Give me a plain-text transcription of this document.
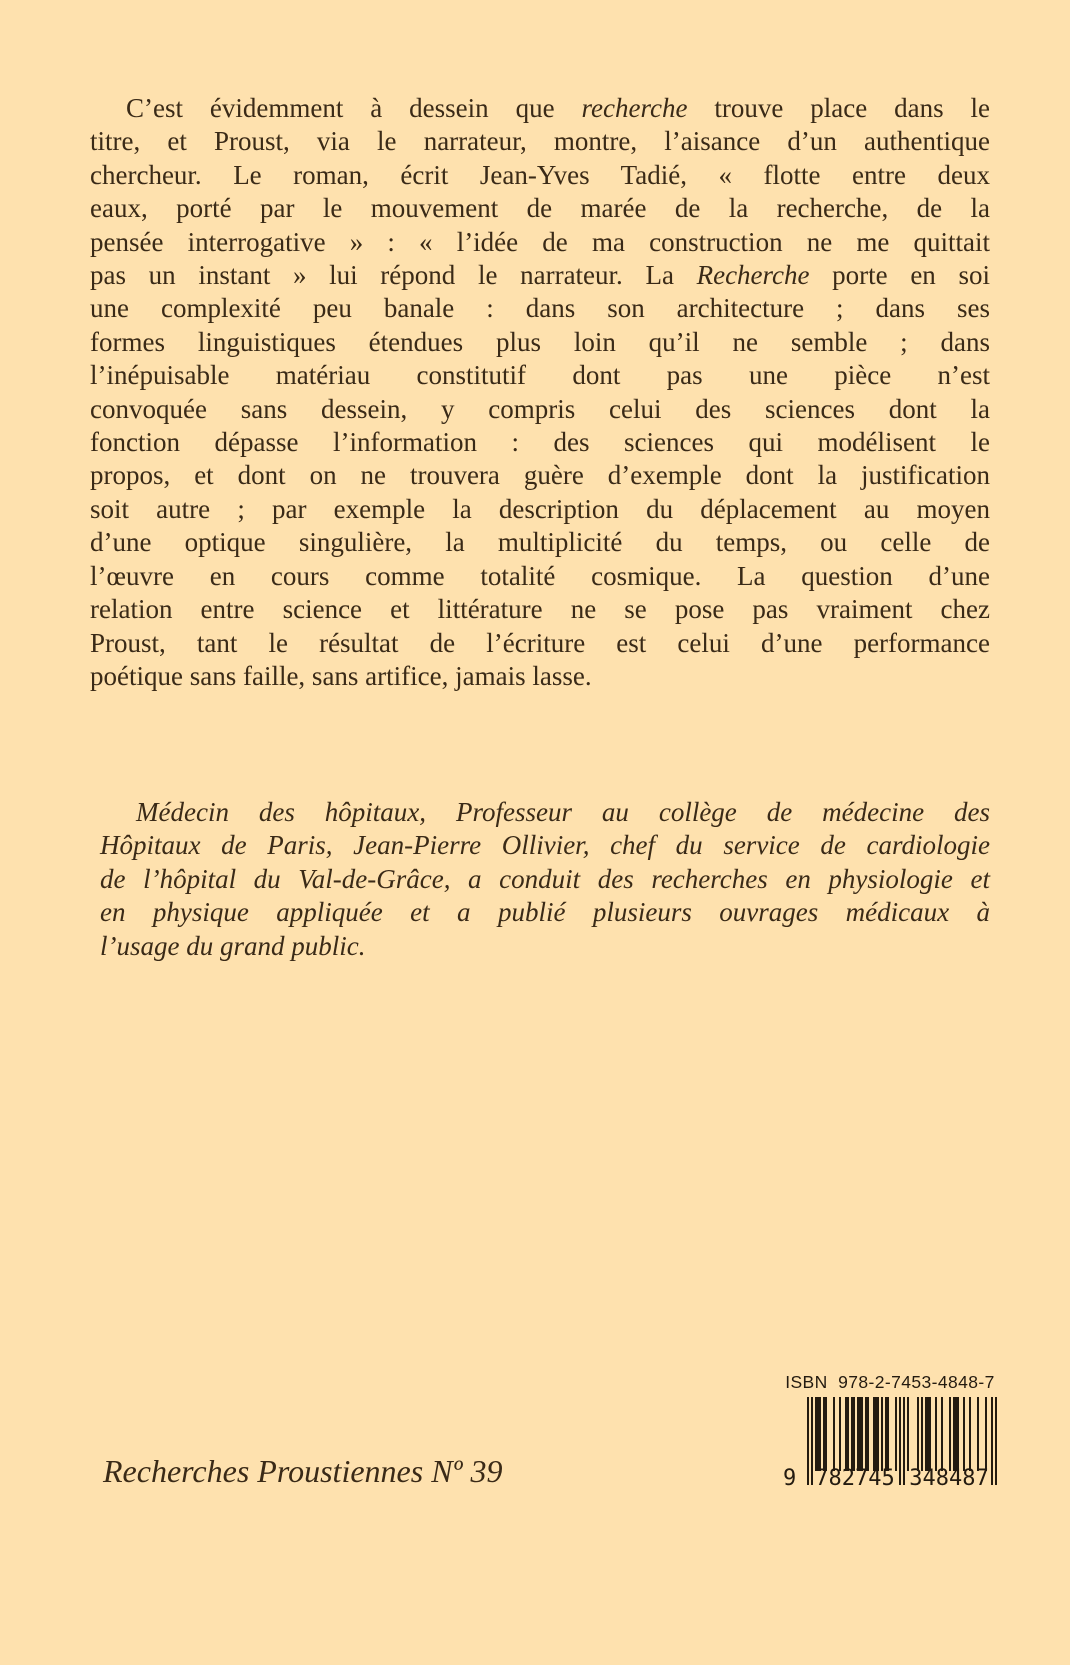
C’est évidemment à dessein que recherche trouve place dans le
titre, et Proust, via le narrateur, montre, l’aisance d’un authentique
chercheur. Le roman, écrit Jean-Yves Tadié, « flotte entre deux
eaux, porté par le mouvement de marée de la recherche, de la
pensée interrogative » : « l’idée de ma construction ne me quittait
pas un instant » lui répond le narrateur. La Recherche porte en soi
une complexité peu banale : dans son architecture ; dans ses
formes linguistiques étendues plus loin qu’il ne semble ; dans
l’inépuisable matériau constitutif dont pas une pièce n’est
convoquée sans dessein, y compris celui des sciences dont la
fonction dépasse l’information : des sciences qui modélisent le
propos, et dont on ne trouvera guère d’exemple dont la justification
soit autre ; par exemple la description du déplacement au moyen
d’une optique singulière, la multiplicité du temps, ou celle de
l’œuvre en cours comme totalité cosmique. La question d’une
relation entre science et littérature ne se pose pas vraiment chez
Proust, tant le résultat de l’écriture est celui d’une performance
poétique sans faille, sans artifice, jamais lasse.
Médecin des hôpitaux, Professeur au collège de médecine des
Hôpitaux de Paris, Jean-Pierre Ollivier, chef du service de cardiologie
de l’hôpital du Val-de-Grâce, a conduit des recherches en physiologie et
en physique appliquée et a publié plusieurs ouvrages médicaux à
l’usage du grand public.
Recherches Proustiennes Nº 39
ISBN  978-2-7453-4848-7
9 782745 348487
